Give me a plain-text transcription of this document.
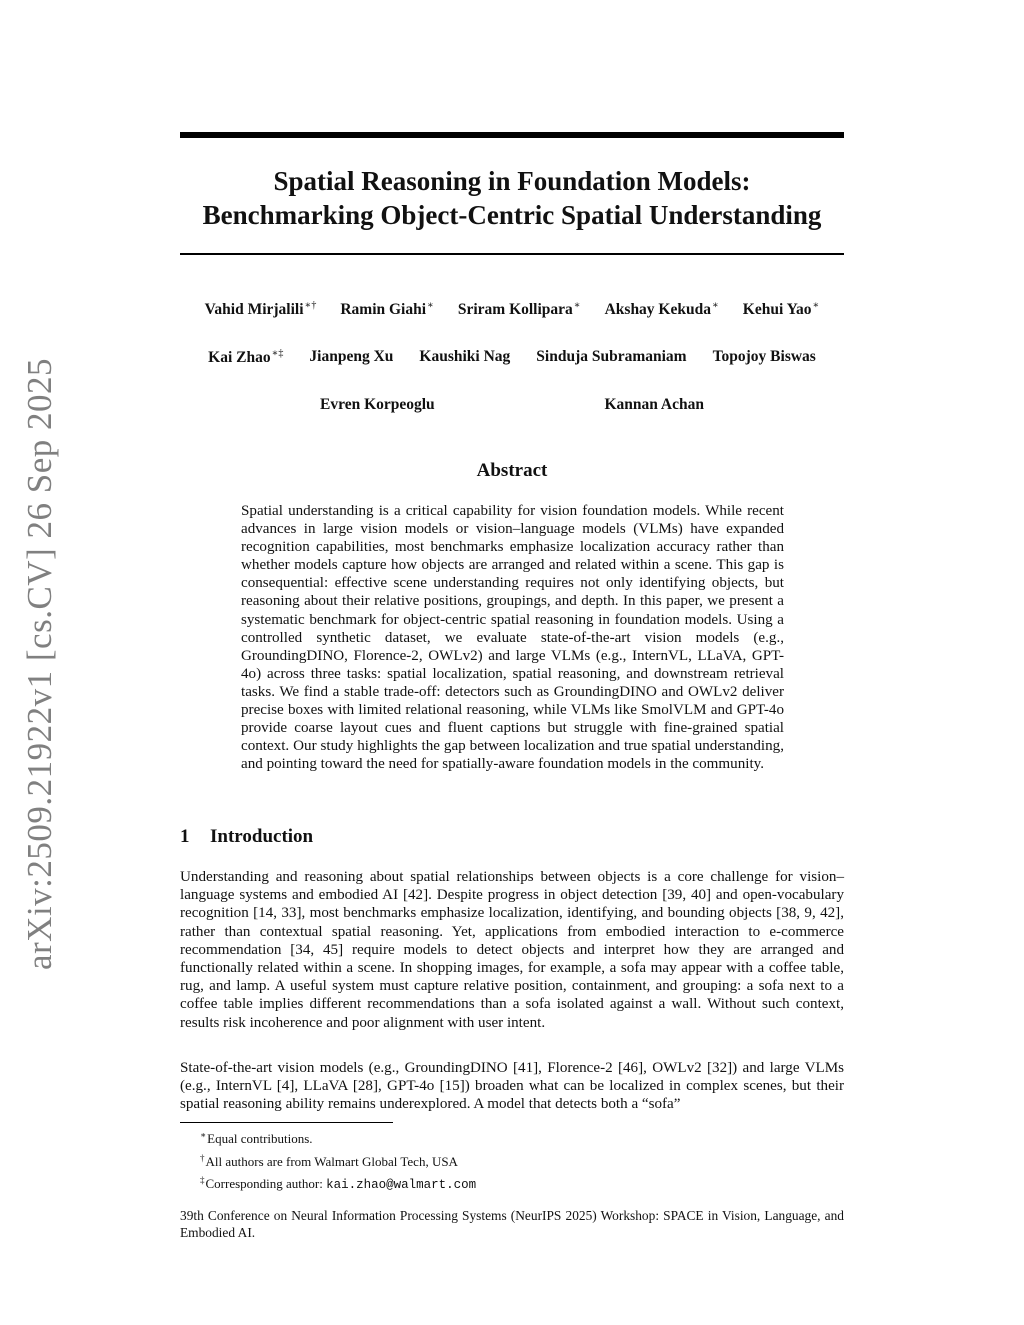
arXiv:2509.21922v1 [cs.CV] 26 Sep 2025
Spatial Reasoning in Foundation Models:
Benchmarking Object-Centric Spatial Understanding
Vahid Mirjalili∗† Ramin Giahi∗ Sriram Kollipara∗ Akshay Kekuda∗ Kehui Yao∗
Kai Zhao∗‡ Jianpeng Xu Kaushiki Nag Sinduja Subramaniam Topojoy Biswas
Evren Korpeoglu	Kannan Achan
Abstract
Spatial understanding is a critical capability for vision foundation models. While recent advances in large vision models or vision–language models (VLMs) have expanded recognition capabilities, most benchmarks emphasize localization accuracy rather than whether models capture how objects are arranged and related within a scene. This gap is consequential: effective scene understanding requires not only identifying objects, but reasoning about their relative positions, groupings, and depth. In this paper, we present a systematic benchmark for object-centric spatial reasoning in foundation models. Using a controlled synthetic dataset, we evaluate state-of-the-art vision models (e.g., GroundingDINO, Florence-2, OWLv2) and large VLMs (e.g., InternVL, LLaVA, GPT-4o) across three tasks: spatial localization, spatial reasoning, and downstream retrieval tasks. We find a stable trade-off: detectors such as GroundingDINO and OWLv2 deliver precise boxes with limited relational reasoning, while VLMs like SmolVLM and GPT-4o provide coarse layout cues and fluent captions but struggle with fine-grained spatial context. Our study highlights the gap between localization and true spatial understanding, and pointing toward the need for spatially-aware foundation models in the community.
1 Introduction
Understanding and reasoning about spatial relationships between objects is a core challenge for vision–language systems and embodied AI [42]. Despite progress in object detection [39, 40] and open-vocabulary recognition [14, 33], most benchmarks emphasize localization, identifying, and bounding objects [38, 9, 42], rather than contextual spatial reasoning. Yet, applications from embodied interaction to e-commerce recommendation [34, 45] require models to detect objects and interpret how they are arranged and functionally related within a scene. In shopping images, for example, a sofa may appear with a coffee table, rug, and lamp. A useful system must capture relative position, containment, and grouping: a sofa next to a coffee table implies different recommendations than a sofa isolated against a wall. Without such context, results risk incoherence and poor alignment with user intent.
State-of-the-art vision models (e.g., GroundingDINO [41], Florence-2 [46], OWLv2 [32]) and large VLMs (e.g., InternVL [4], LLaVA [28], GPT-4o [15]) broaden what can be localized in complex scenes, but their spatial reasoning ability remains underexplored. A model that detects both a “sofa”
∗Equal contributions.
†All authors are from Walmart Global Tech, USA
‡Corresponding author: kai.zhao@walmart.com
39th Conference on Neural Information Processing Systems (NeurIPS 2025) Workshop: SPACE in Vision, Language, and Embodied AI.
